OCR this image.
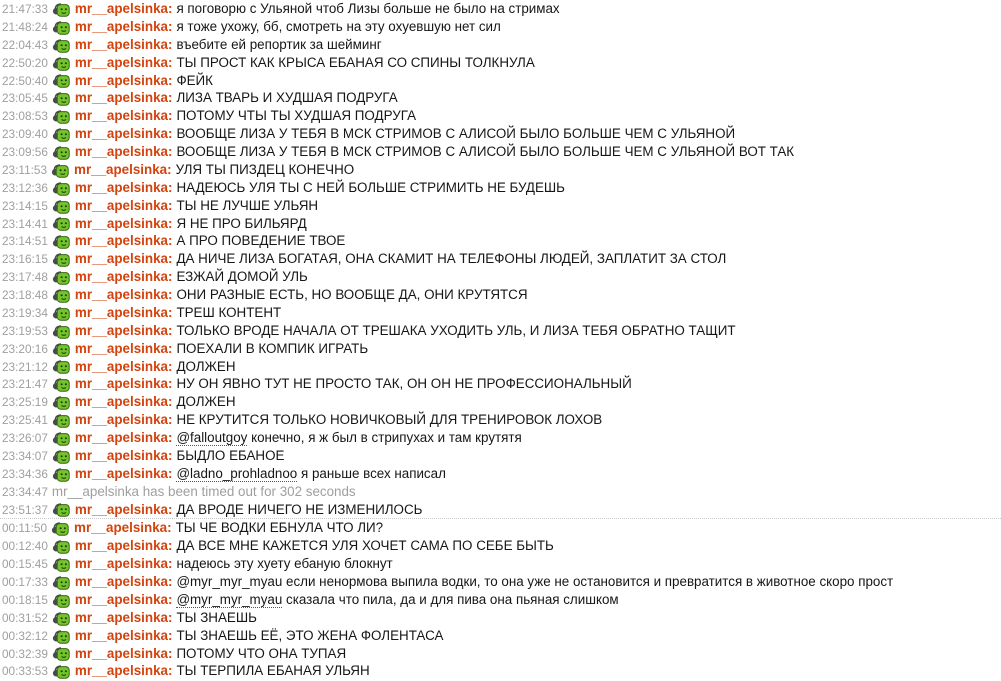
21:47:33 mr__apelsinka: я поговорю с Ульяной чтоб Лизы больше не было на стримах
21:48:24 mr__apelsinka: я тоже ухожу, бб, смотреть на эту охуевшую нет сил
22:04:43 mr__apelsinka: въебите ей репортик за шейминг
22:50:20 mr__apelsinka: ТЫ ПРОСТ КАК КРЫСА ЕБАНАЯ СО СПИНЫ ТОЛКНУЛА
22:50:40 mr__apelsinka: ФЕЙК
23:05:45 mr__apelsinka: ЛИЗА ТВАРЬ И ХУДШАЯ ПОДРУГА
23:08:53 mr__apelsinka: ПОТОМУ ЧТЫ ТЫ ХУДШАЯ ПОДРУГА
23:09:40 mr__apelsinka: ВООБЩЕ ЛИЗА У ТЕБЯ В МСК СТРИМОВ С АЛИСОЙ БЫЛО БОЛЬШЕ ЧЕМ С УЛЬЯНОЙ
23:09:56 mr__apelsinka: ВООБЩЕ ЛИЗА У ТЕБЯ В МСК СТРИМОВ С АЛИСОЙ БЫЛО БОЛЬШЕ ЧЕМ С УЛЬЯНОЙ ВОТ ТАК
23:11:53 mr__apelsinka: УЛЯ ТЫ ПИЗДЕЦ КОНЕЧНО
23:12:36 mr__apelsinka: НАДЕЮСЬ УЛЯ ТЫ С НЕЙ БОЛЬШЕ СТРИМИТЬ НЕ БУДЕШЬ
23:14:15 mr__apelsinka: ТЫ НЕ ЛУЧШЕ УЛЬЯН
23:14:41 mr__apelsinka: Я НЕ ПРО БИЛЬЯРД
23:14:51 mr__apelsinka: А ПРО ПОВЕДЕНИЕ ТВОЕ
23:16:15 mr__apelsinka: ДА НИЧЕ ЛИЗА БОГАТАЯ, ОНА СКАМИТ НА ТЕЛЕФОНЫ ЛЮДЕЙ, ЗАПЛАТИТ ЗА СТОЛ
23:17:48 mr__apelsinka: ЕЗЖАЙ ДОМОЙ УЛЬ
23:18:48 mr__apelsinka: ОНИ РАЗНЫЕ ЕСТЬ, НО ВООБЩЕ ДА, ОНИ КРУТЯТСЯ
23:19:34 mr__apelsinka: ТРЕШ КОНТЕНТ
23:19:53 mr__apelsinka: ТОЛЬКО ВРОДЕ НАЧАЛА ОТ ТРЕШАКА УХОДИТЬ УЛЬ, И ЛИЗА ТЕБЯ ОБРАТНО ТАЩИТ
23:20:16 mr__apelsinka: ПОЕХАЛИ В КОМПИК ИГРАТЬ
23:21:12 mr__apelsinka: ДОЛЖЕН
23:21:47 mr__apelsinka: НУ ОН ЯВНО ТУТ НЕ ПРОСТО ТАК, ОН ОН НЕ ПРОФЕССИОНАЛЬНЫЙ
23:25:19 mr__apelsinka: ДОЛЖЕН
23:25:41 mr__apelsinka: НЕ КРУТИТСЯ ТОЛЬКО НОВИЧКОВЫЙ ДЛЯ ТРЕНИРОВОК ЛОХОВ
23:26:07 mr__apelsinka: @falloutgoy конечно, я ж был в стрипухах и там крутятя
23:34:07 mr__apelsinka: БЫДЛО ЕБАНОЕ
23:34:36 mr__apelsinka: @ladno_prohladnoo я раньше всех написал
23:34:47 mr__apelsinka has been timed out for 302 seconds
23:51:37 mr__apelsinka: ДА ВРОДЕ НИЧЕГО НЕ ИЗМЕНИЛОСЬ
00:11:50 mr__apelsinka: ТЫ ЧЕ ВОДКИ ЕБНУЛА ЧТО ЛИ?
00:12:40 mr__apelsinka: ДА ВСЕ МНЕ КАЖЕТСЯ УЛЯ ХОЧЕТ САМА ПО СЕБЕ БЫТЬ
00:15:45 mr__apelsinka: надеюсь эту хуету ебаную блокнут
00:17:33 mr__apelsinka: @myr_myr_myau если ненормова выпила водки, то она уже не остановится и превратится в животное скоро прост
00:18:15 mr__apelsinka: @myr_myr_myau сказала что пила, да и для пива она пьяная слишком
00:31:52 mr__apelsinka: ТЫ ЗНАЕШЬ
00:32:12 mr__apelsinka: ТЫ ЗНАЕШЬ ЕЁ, ЭТО ЖЕНА ФОЛЕНТАСА
00:32:39 mr__apelsinka: ПОТОМУ ЧТО ОНА ТУПАЯ
00:33:53 mr__apelsinka: ТЫ ТЕРПИЛА ЕБАНАЯ УЛЬЯН
